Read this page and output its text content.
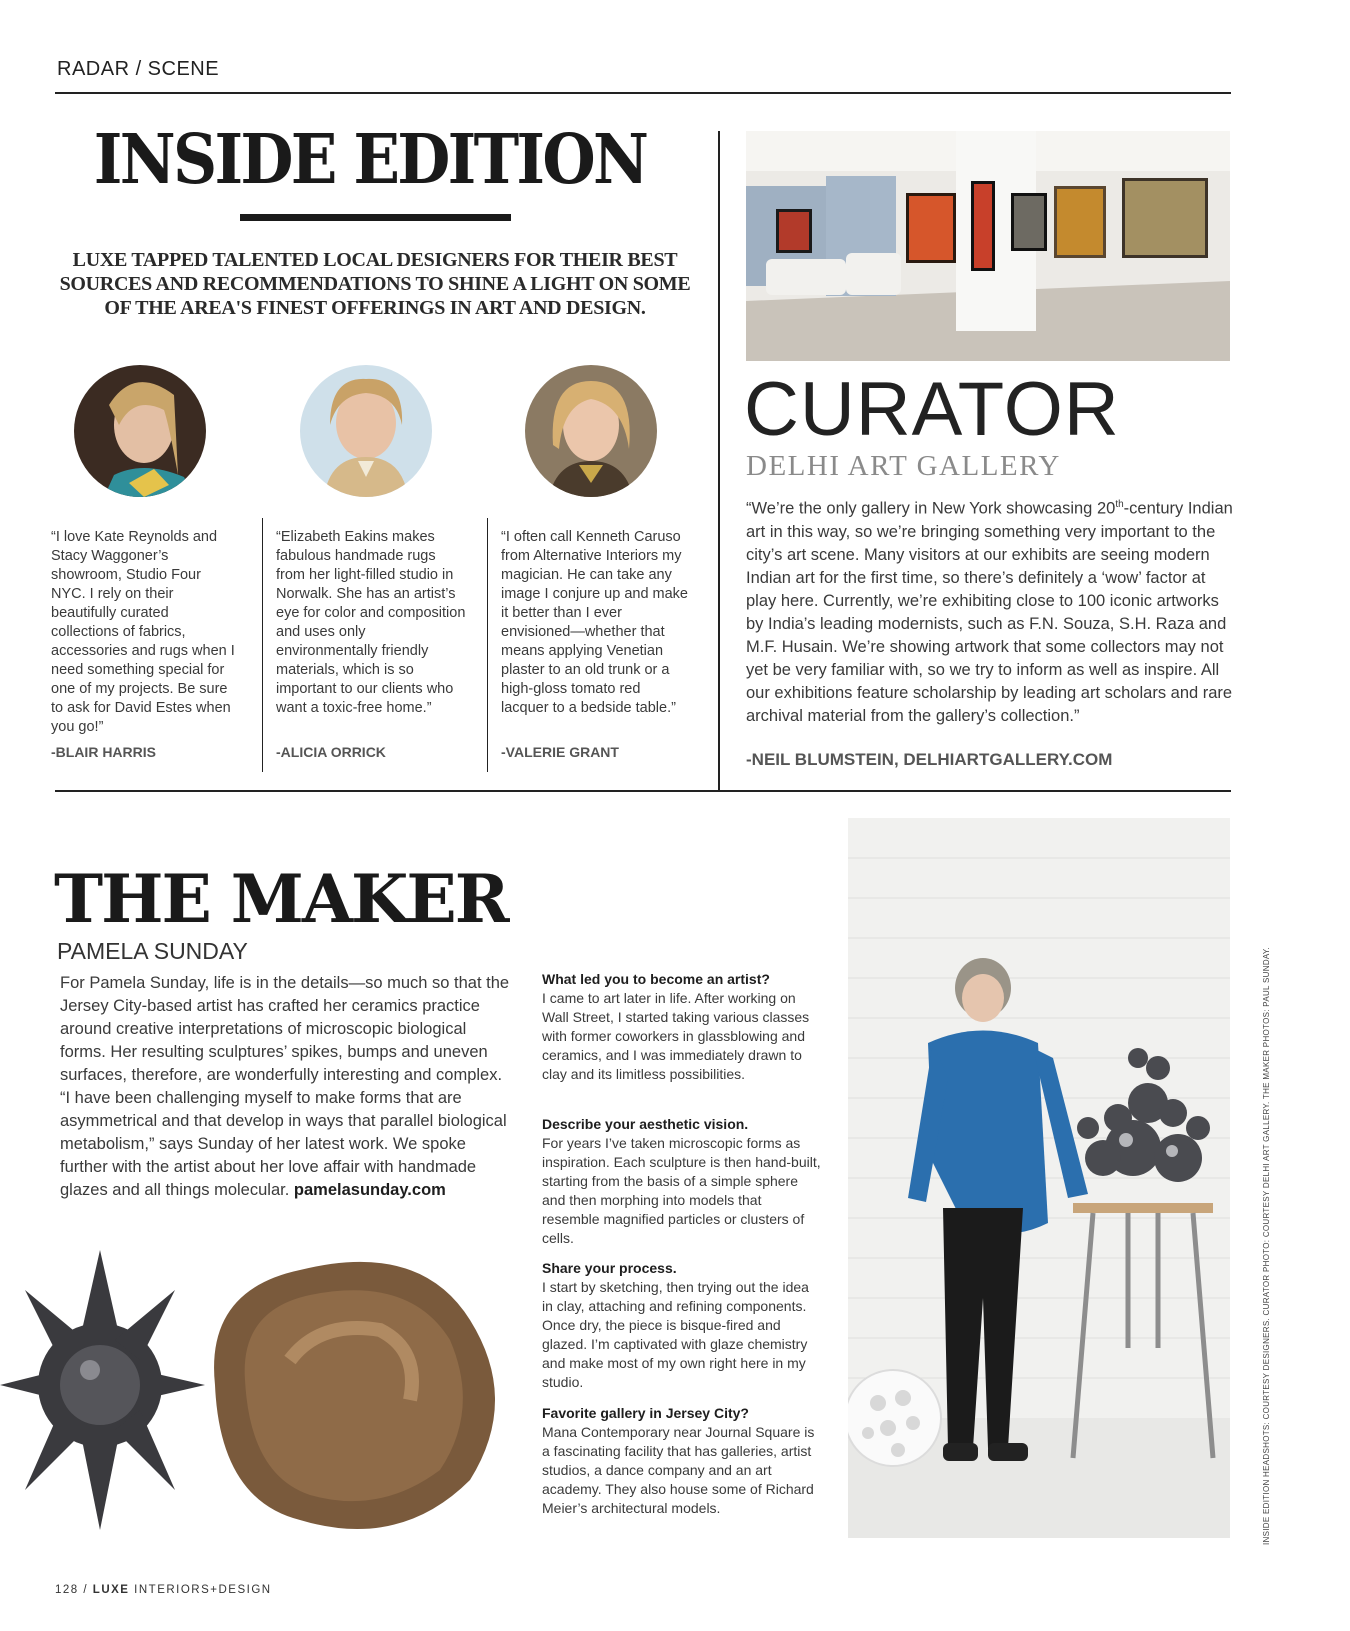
RADAR / SCENE
INSIDE EDITION
LUXE TAPPED TALENTED LOCAL DESIGNERS FOR THEIR BEST SOURCES AND RECOMMENDATIONS TO SHINE A LIGHT ON SOME OF THE AREA'S FINEST OFFERINGS IN ART AND DESIGN.
“I love Kate Reynolds and Stacy Waggoner’s showroom, Studio Four NYC. I rely on their beautifully curated collections of fabrics, accessories and rugs when I need something special for one of my projects. Be sure to ask for David Estes when you go!”
-BLAIR HARRIS
“Elizabeth Eakins makes fabulous handmade rugs from her light-filled studio in Norwalk. She has an artist’s eye for color and composition and uses only environmentally friendly materials, which is so important to our clients who want a toxic-free home.”
-ALICIA ORRICK
“I often call Kenneth Caruso from Alternative Interiors my magician. He can take any image I conjure up and make it better than I ever envisioned—whether that means applying Venetian plaster to an old trunk or a high-gloss tomato red lacquer to a bedside table.”
-VALERIE GRANT
CURATOR
DELHI ART GALLERY
“We’re the only gallery in New York showcasing 20th-century Indian art in this way, so we’re bringing something very important to the city’s art scene. Many visitors at our exhibits are seeing modern Indian art for the first time, so there’s definitely a ‘wow’ factor at play here. Currently, we’re exhibiting close to 100 iconic artworks by India’s leading modernists, such as F.N. Souza, S.H. Raza and M.F. Husain. We’re showing artwork that some collectors may not yet be very familiar with, so we try to inform as well as inspire. All our exhibitions feature scholarship by leading art scholars and rare archival material from the gallery’s collection.”
-NEIL BLUMSTEIN, DELHIARTGALLERY.COM
THE MAKER
PAMELA SUNDAY
For Pamela Sunday, life is in the details—so much so that the Jersey City-based artist has crafted her ceramics practice around creative interpretations of microscopic biological forms. Her resulting sculptures’ spikes, bumps and uneven surfaces, therefore, are wonderfully interesting and complex. “I have been challenging myself to make forms that are asymmetrical and that develop in ways that parallel biological metabolism,” says Sunday of her latest work. We spoke further with the artist about her love affair with handmade glazes and all things molecular. pamelasunday.com
What led you to become an artist?
I came to art later in life. After working on Wall Street, I started taking various classes with former coworkers in glassblowing and ceramics, and I was immediately drawn to clay and its limitless possibilities.
Describe your aesthetic vision.
For years I’ve taken microscopic forms as inspiration. Each sculpture is then hand-built, starting from the basis of a simple sphere and then morphing into models that resemble magnified particles or clusters of cells.
Share your process.
I start by sketching, then trying out the idea in clay, attaching and refining components. Once dry, the piece is bisque-fired and glazed. I’m captivated with glaze chemistry and make most of my own right here in my studio.
Favorite gallery in Jersey City?
Mana Contemporary near Journal Square is a fascinating facility that has galleries, artist studios, a dance company and an art academy. They also house some of Richard Meier’s architectural models.	INSIDE EDITION HEADSHOTS: COURTESY DESIGNERS. CURATOR PHOTO: COURTESY DELHI ART GALLERY. THE MAKER PHOTOS: PAUL SUNDAY.
128 / LUXE INTERIORS+DESIGN
